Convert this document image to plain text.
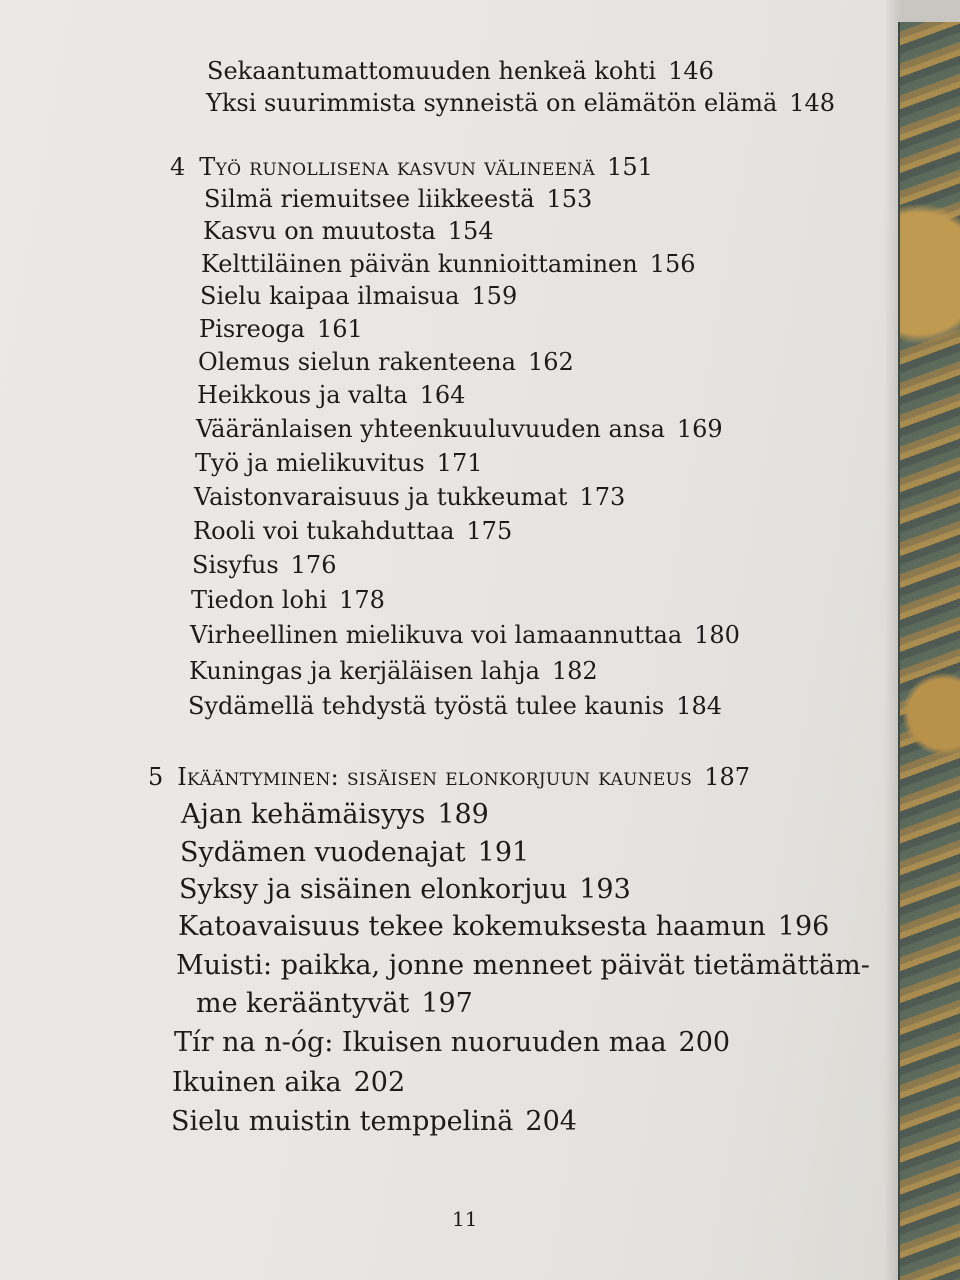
Sekaantumattomuuden henkeä kohti 146
Yksi suurimmista synneistä on elämätön elämä 148
4 Työ runollisena kasvun välineenä 151
Silmä riemuitsee liikkeestä 153
Kasvu on muutosta 154
Kelttiläinen päivän kunnioittaminen 156
Sielu kaipaa ilmaisua 159
Pisreoga 161
Olemus sielun rakenteena 162
Heikkous ja valta 164
Vääränlaisen yhteenkuuluvuuden ansa 169
Työ ja mielikuvitus 171
Vaistonvaraisuus ja tukkeumat 173
Rooli voi tukahduttaa 175
Sisyfus 176
Tiedon lohi 178
Virheellinen mielikuva voi lamaannuttaa 180
Kuningas ja kerjäläisen lahja 182
Sydämellä tehdystä työstä tulee kaunis 184
5 Ikääntyminen: sisäisen elonkorjuun kauneus 187
Ajan kehämäisyys 189
Sydämen vuodenajat 191
Syksy ja sisäinen elonkorjuu 193
Katoavaisuus tekee kokemuksesta haamun 196
Muisti: paikka, jonne menneet päivät tietämättäm-
me kerääntyvät 197
Tír na n-óg: Ikuisen nuoruuden maa 200
Ikuinen aika 202
Sielu muistin temppelinä 204
11
